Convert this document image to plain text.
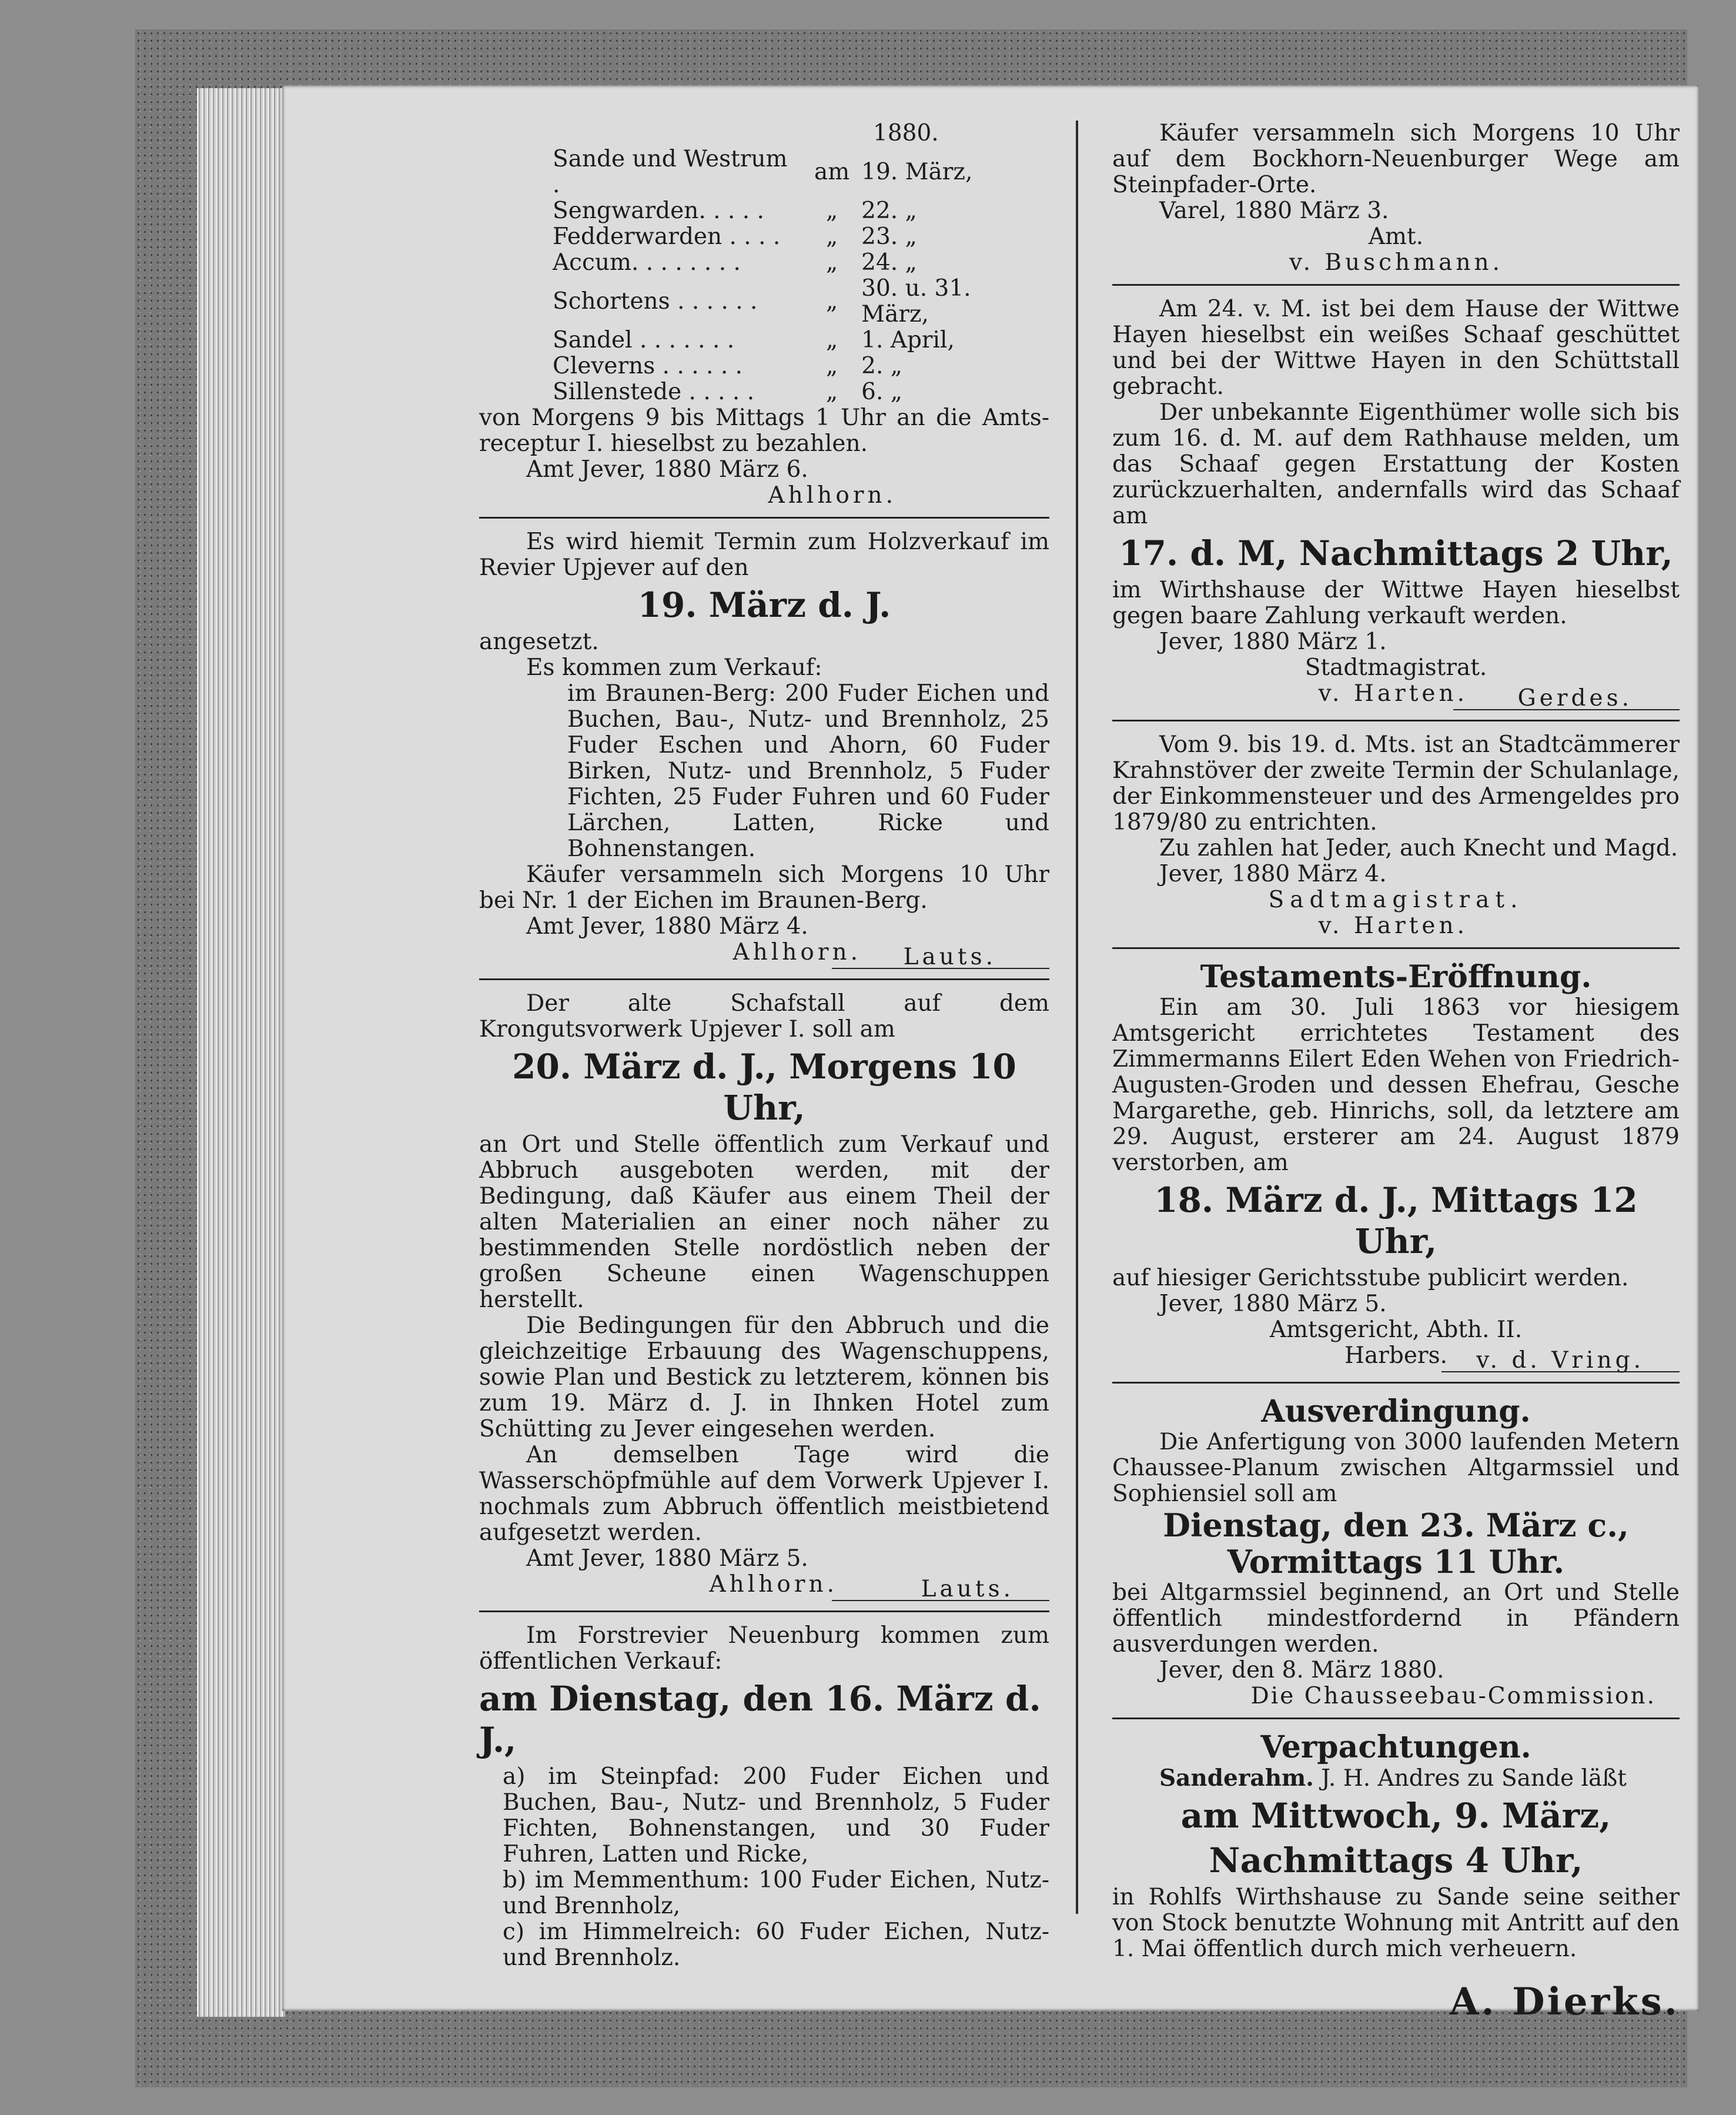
1880.
Sande und Westrum .	am	19. März,
Sengwarden. . . . .	„	22. „
Fedderwarden . . . .	„	23. „
Accum. . . . . . . .	„	24. „
Schortens . . . . . .	„	30. u. 31. März,
Sandel . . . . . . .	„	1. April,
Cleverns . . . . . .	„	2. „
Sillenstede . . . . .	„	6. „

von Morgens 9 bis Mittags 1 Uhr an die Amts-receptur I. hieselbst zu bezahlen.

Amt Jever, 1880 März 6.

Ahlhorn.

Es wird hiemit Termin zum Holzverkauf im Revier Upjever auf den

19. März d. J.

angesetzt.

Es kommen zum Verkauf:

im Braunen-Berg: 200 Fuder Eichen und Buchen, Bau-, Nutz- und Brennholz, 25 Fuder Eschen und Ahorn, 60 Fuder Birken, Nutz- und Brennholz, 5 Fuder Fichten, 25 Fuder Fuhren und 60 Fuder Lärchen, Latten, Ricke und Bohnenstangen.

Käufer versammeln sich Morgens 10 Uhr bei Nr. 1 der Eichen im Braunen-Berg.

Amt Jever, 1880 März 4.

Ahlhorn.	Lauts.

Der alte Schafstall auf dem Krongutsvorwerk Upjever I. soll am

20. März d. J., Morgens 10 Uhr,

an Ort und Stelle öffentlich zum Verkauf und Abbruch ausgeboten werden, mit der Bedingung, daß Käufer aus einem Theil der alten Materialien an einer noch näher zu bestimmenden Stelle nordöstlich neben der großen Scheune einen Wagenschuppen herstellt.

Die Bedingungen für den Abbruch und die gleichzeitige Erbauung des Wagenschuppens, sowie Plan und Bestick zu letzterem, können bis zum 19. März d. J. in Ihnken Hotel zum Schütting zu Jever eingesehen werden.

An demselben Tage wird die Wasserschöpfmühle auf dem Vorwerk Upjever I. nochmals zum Abbruch öffentlich meistbietend aufgesetzt werden.

Amt Jever, 1880 März 5.

Ahlhorn.	Lauts.

Im Forstrevier Neuenburg kommen zum öffentlichen Verkauf:

am Dienstag, den 16. März d. J.,

a) im Steinpfad: 200 Fuder Eichen und Buchen, Bau-, Nutz- und Brennholz, 5 Fuder Fichten, Bohnenstangen, und 30 Fuder Fuhren, Latten und Ricke,

b) im Memmenthum: 100 Fuder Eichen, Nutz- und Brennholz,

c) im Himmelreich: 60 Fuder Eichen, Nutz- und Brennholz.

Käufer versammeln sich Morgens 10 Uhr auf dem Bockhorn-Neuenburger Wege am Steinpfader-Orte.

Varel, 1880 März 3.

Amt.
v. Buschmann.

Am 24. v. M. ist bei dem Hause der Wittwe Hayen hieselbst ein weißes Schaaf geschüttet und bei der Wittwe Hayen in den Schüttstall gebracht.

Der unbekannte Eigenthümer wolle sich bis zum 16. d. M. auf dem Rathhause melden, um das Schaaf gegen Erstattung der Kosten zurückzuerhalten, andernfalls wird das Schaaf am

17. d. M, Nachmittags 2 Uhr,

im Wirthshause der Wittwe Hayen hieselbst gegen baare Zahlung verkauft werden.

Jever, 1880 März 1.

Stadtmagistrat.
v. Harten.	Gerdes.

Vom 9. bis 19. d. Mts. ist an Stadtcämmerer Krahnstöver der zweite Termin der Schulanlage, der Einkommensteuer und des Armengeldes pro 1879/80 zu entrichten.

Zu zahlen hat Jeder, auch Knecht und Magd.

Jever, 1880 März 4.

Sadtmagistrat.
v. Harten.
Testaments-Eröffnung.

Ein am 30. Juli 1863 vor hiesigem Amtsgericht errichtetes Testament des Zimmermanns Eilert Eden Wehen von Friedrich-Augusten-Groden und dessen Ehefrau, Gesche Margarethe, geb. Hinrichs, soll, da letztere am 29. August, ersterer am 24. August 1879 verstorben, am

18. März d. J., Mittags 12 Uhr,

auf hiesiger Gerichtsstube publicirt werden.

Jever, 1880 März 5.

Amtsgericht, Abth. II.
Harbers.	v. d. Vring.
Ausverdingung.

Die Anfertigung von 3000 laufenden Metern Chaussee-Planum zwischen Altgarmssiel und Sophiensiel soll am

Dienstag, den 23. März c.,
Vormittags 11 Uhr.

bei Altgarmssiel beginnend, an Ort und Stelle öffentlich mindestfordernd in Pfändern ausverdungen werden.

Jever, den 8. März 1880.

Die Chausseebau-Commission.
Verpachtungen.

Sanderahm. J. H. Andres zu Sande läßt

am Mittwoch, 9. März,
Nachmittags 4 Uhr,

in Rohlfs Wirthshause zu Sande seine seither von Stock benutzte Wohnung mit Antritt auf den 1. Mai öffentlich durch mich verheuern.

A. Dierks.
